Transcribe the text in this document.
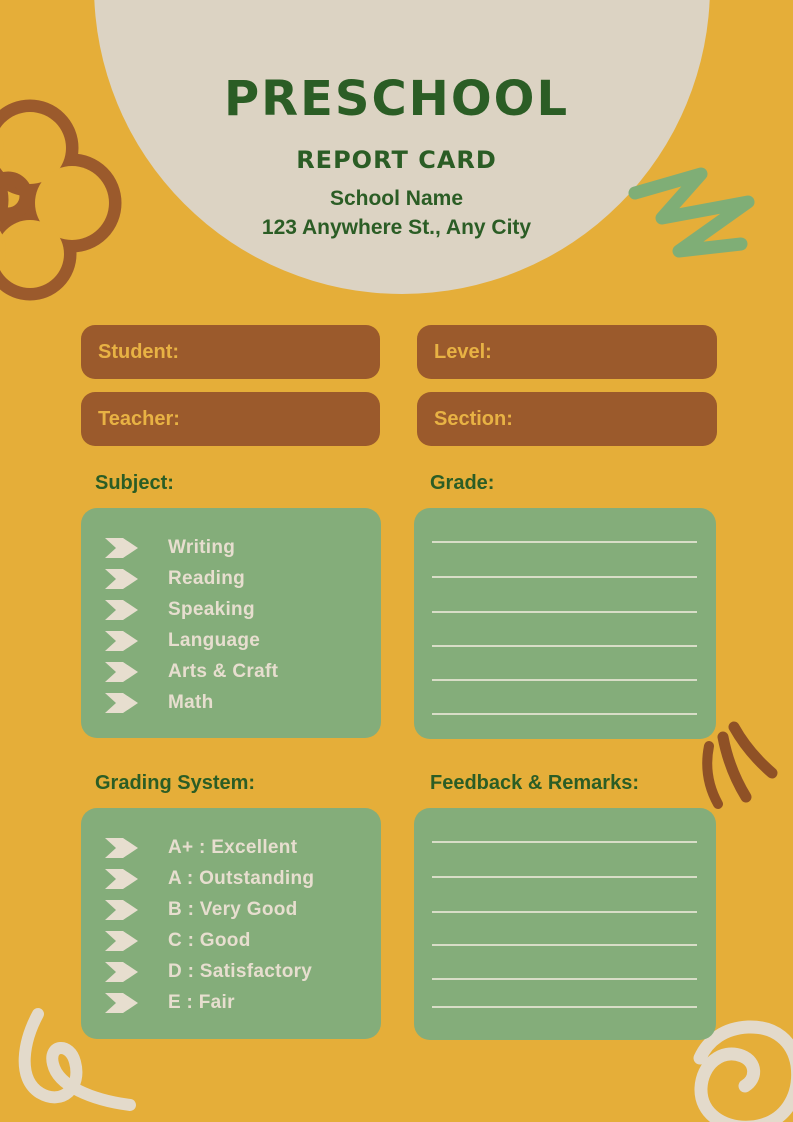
PRESCHOOL
REPORT CARD
School Name
123 Anywhere St., Any City
Student:	Level:
Teacher:	Section:
Subject:	Grade:
Grading System:	Feedback & Remarks:
Writing
Reading
Speaking
Language
Arts & Craft
Math
A+ : Excellent
A : Outstanding
B : Very Good
C : Good
D : Satisfactory
E : Fair
